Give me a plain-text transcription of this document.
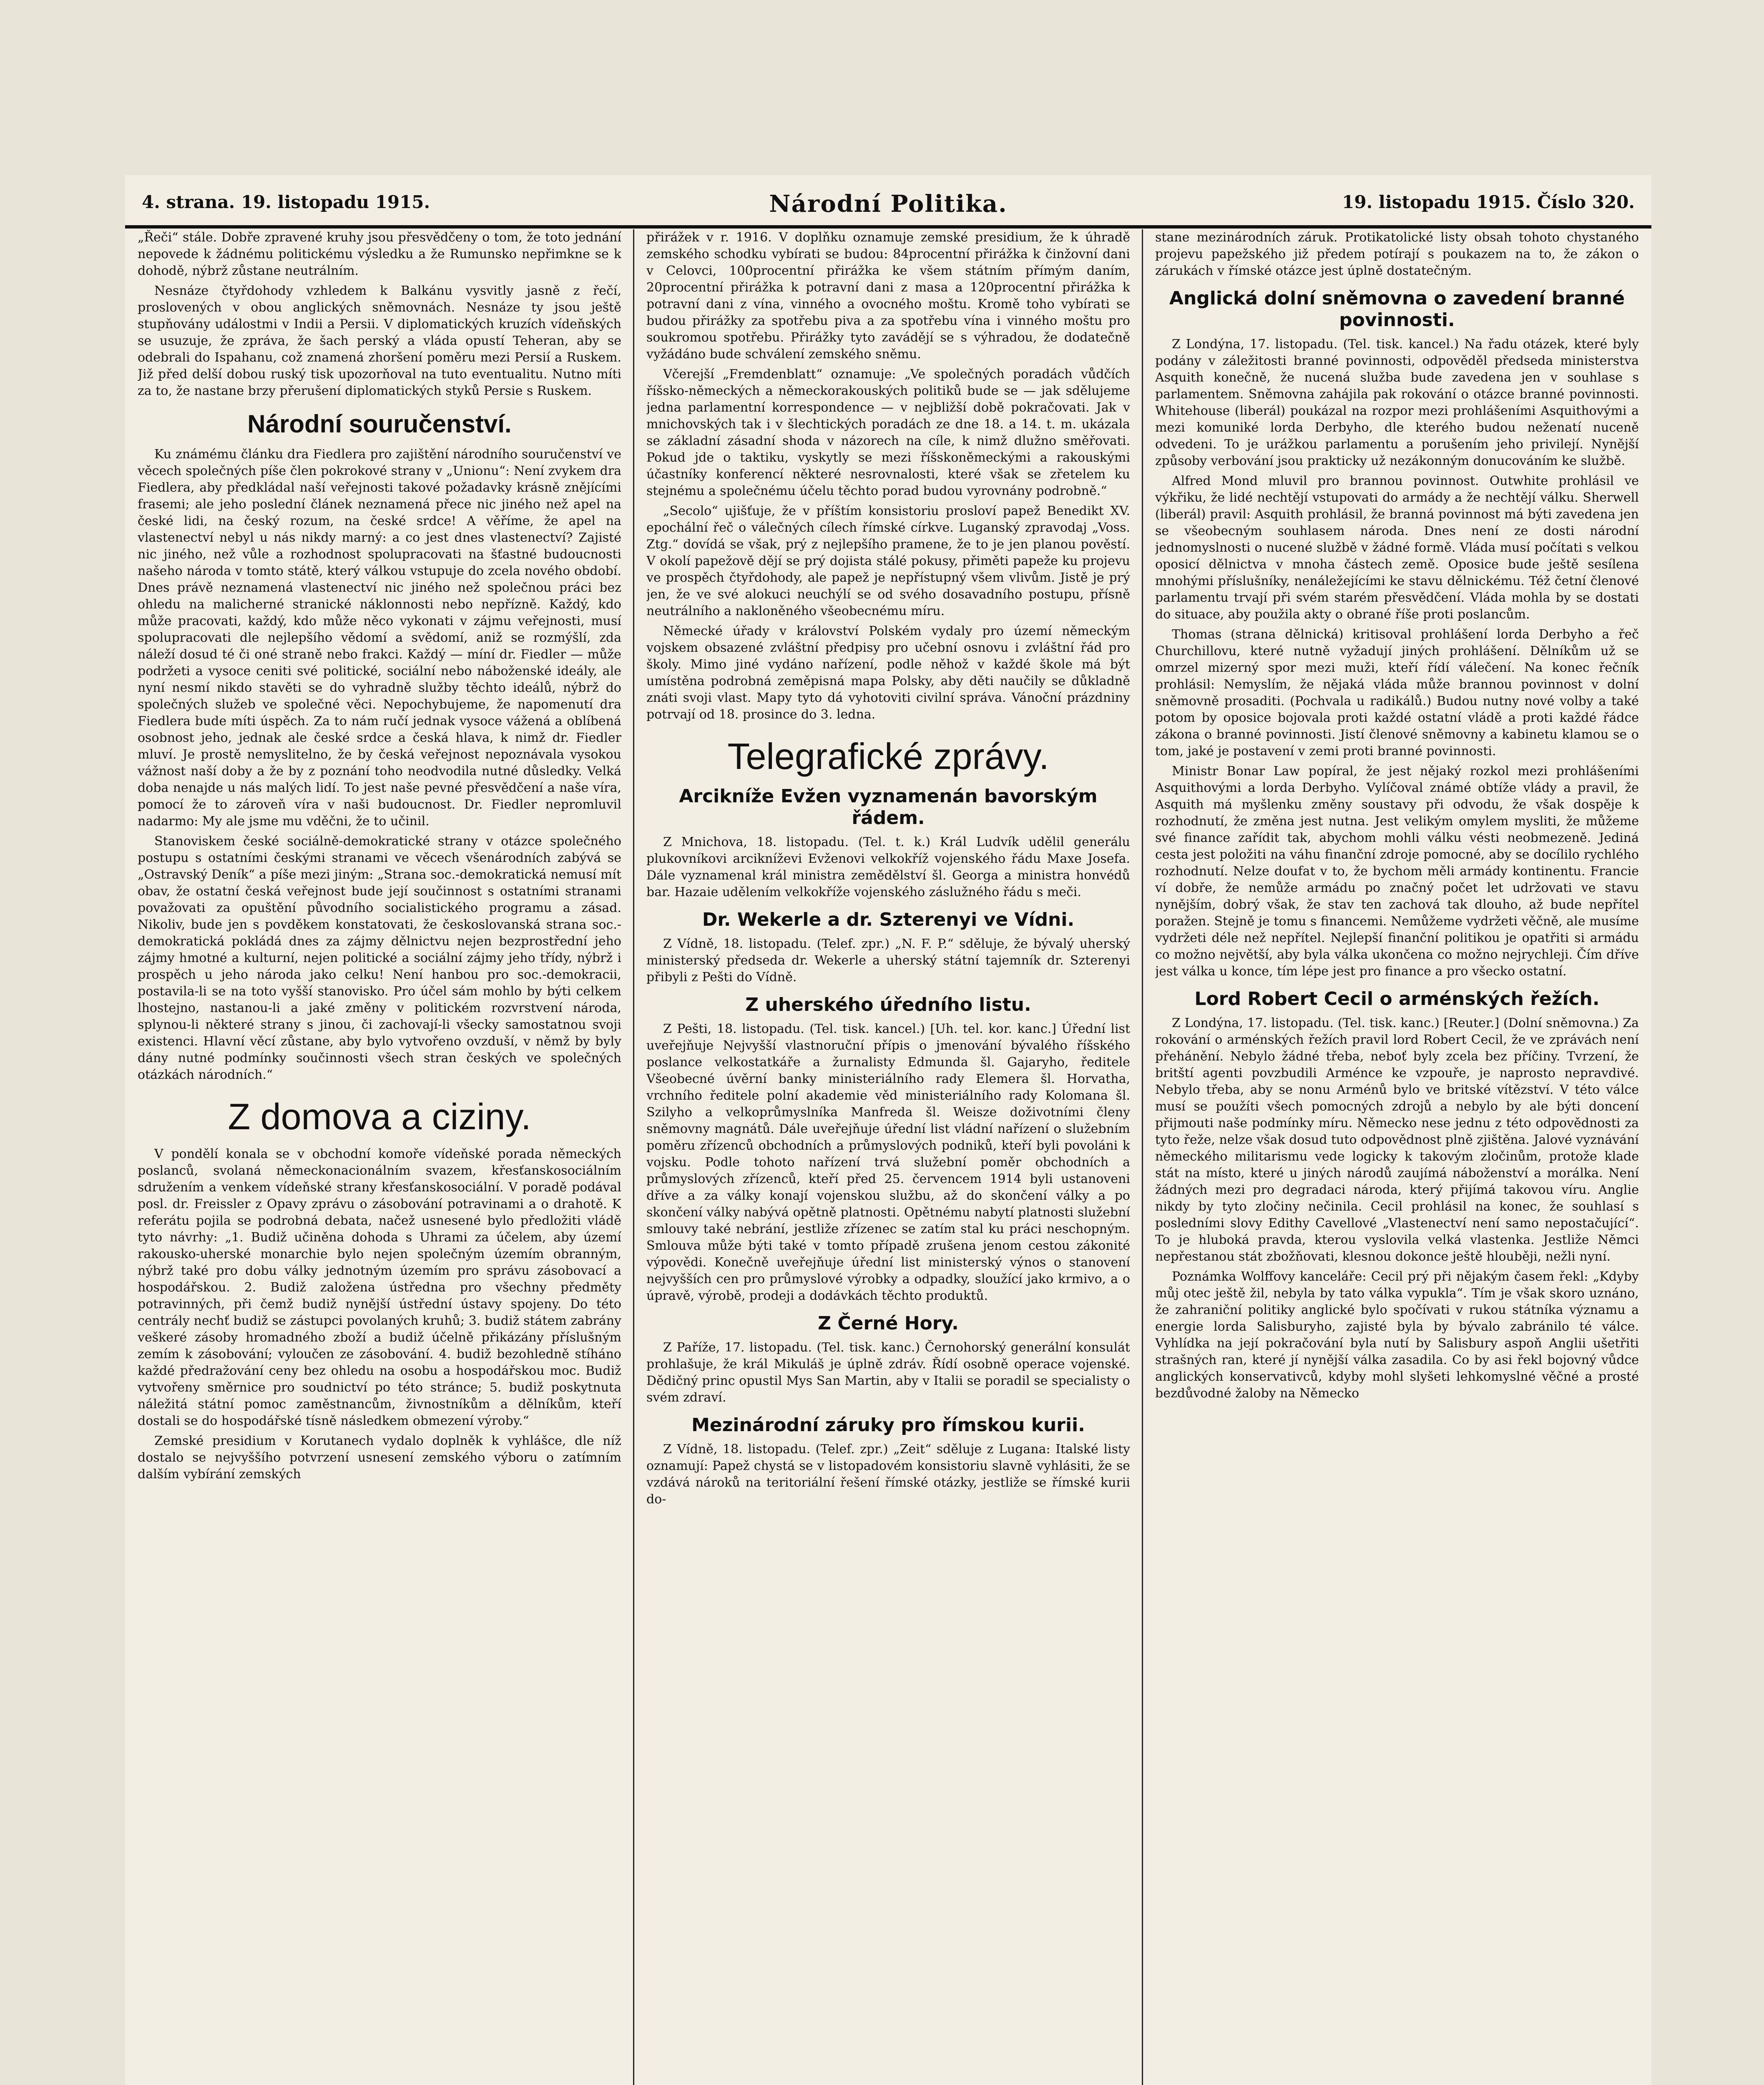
4. strana. 19. listopadu 1915.	Národní Politika.	19. listopadu 1915. Číslo 320.

„Řeči“ stále. Dobře zpravené kruhy jsou přesvědčeny o tom, že toto jednání nepovede k žádnému politickému výsledku a že Rumunsko nepřimkne se k dohodě, nýbrž zůstane neutrálním.

Nesnáze čtyřdohody vzhledem k Balkánu vysvitly jasně z řečí, proslovených v obou anglických sněmovnách. Nesnáze ty jsou ještě stupňovány událostmi v Indii a Persii. V diplomatických kruzích vídeňských se usuzuje, že zpráva, že šach perský a vláda opustí Teheran, aby se odebrali do Ispahanu, což znamená zhoršení poměru mezi Persií a Ruskem. Již před delší dobou ruský tisk upozorňoval na tuto eventualitu. Nutno míti za to, že nastane brzy přerušení diplomatických styků Persie s Ruskem.

Národní souručenství.

Ku známému článku dra Fiedlera pro zajištění národního souručenství ve věcech společných píše člen pokrokové strany v „Unionu“: Není zvykem dra Fiedlera, aby předkládal naší veřejnosti takové požadavky krásně znějícími frasemi; ale jeho poslední článek neznamená přece nic jiného než apel na české lidi, na český rozum, na české srdce! A věříme, že apel na vlastenectví nebyl u nás nikdy marný: a co jest dnes vlastenectví? Zajisté nic jiného, než vůle a rozhodnost spolupracovati na šťastné budoucnosti našeho národa v tomto státě, který válkou vstupuje do zcela nového období. Dnes právě neznamená vlastenectví nic jiného než společnou práci bez ohledu na malicherné stranické náklonnosti nebo nepřízně. Každý, kdo může pracovati, každý, kdo může něco vykonati v zájmu veřejnosti, musí spolupracovati dle nejlepšího vědomí a svědomí, aniž se rozmýšlí, zda náleží dosud té či oné straně nebo frakci. Každý — míní dr. Fiedler — může podržeti a vysoce ceniti své politické, sociální nebo náboženské ideály, ale nyní nesmí nikdo stavěti se do vyhradně služby těchto ideálů, nýbrž do společných služeb ve společné věci. Nepochybujeme, že napomenutí dra Fiedlera bude míti úspěch. Za to nám ručí jednak vysoce vážená a oblíbená osobnost jeho, jednak ale české srdce a česká hlava, k nimž dr. Fiedler mluví. Je prostě nemyslitelno, že by česká veřejnost nepoznávala vysokou vážnost naší doby a že by z poznání toho neodvodila nutné důsledky. Velká doba nenajde u nás malých lidí. To jest naše pevné přesvědčení a naše víra, pomocí že to zároveň víra v naši budoucnost. Dr. Fiedler nepromluvil nadarmo: My ale jsme mu vděčni, že to učinil.

Stanoviskem české sociálně-demokratické strany v otázce společného postupu s ostatními českými stranami ve věcech všenárodních zabývá se „Ostravský Deník“ a píše mezi jiným: „Strana soc.-demokratická nemusí mít obav, že ostatní česká veřejnost bude její součinnost s ostatními stranami považovati za opuštění původního socialistického programu a zásad. Nikoliv, bude jen s povděkem konstatovati, že českoslovanská strana soc.-demokratická pokládá dnes za zájmy dělnictvu nejen bezprostřední jeho zájmy hmotné a kulturní, nejen politické a sociální zájmy jeho třídy, nýbrž i prospěch u jeho národa jako celku! Není hanbou pro soc.-demokracii, postavila-li se na toto vyšší stanovisko. Pro účel sám mohlo by býti celkem lhostejno, nastanou-li a jaké změny v politickém rozvrstvení národa, splynou-li některé strany s jinou, či zachovají-li všecky samostatnou svoji existenci. Hlavní věcí zůstane, aby bylo vytvořeno ovzduší, v němž by byly dány nutné podmínky součinnosti všech stran českých ve společných otázkách národních.“

Z domova a ciziny.

V pondělí konala se v obchodní komoře vídeňské porada německých poslanců, svolaná německonacionálním svazem, křesťanskosociálním sdružením a venkem vídeňské strany křesťanskosociální. V poradě podával posl. dr. Freissler z Opavy zprávu o zásobování potravinami a o drahotě. K referátu pojila se podrobná debata, načež usnesené bylo předložiti vládě tyto návrhy: „1. Budiž učiněna dohoda s Uhrami za účelem, aby území rakousko-uherské monarchie bylo nejen společným územím obranným, nýbrž také pro dobu války jednotným územím pro správu zásobovací a hospodářskou. 2. Budiž založena ústředna pro všechny předměty potravinných, při čemž budiž nynější ústřední ústavy spojeny. Do této centrály nechť budiž se zástupci povolaných kruhů; 3. budiž státem zabrány veškeré zásoby hromadného zboží a budiž účelně přikázány příslušným zemím k zásobování; vyloučen ze zásobování. 4. budiž bezohledně stíháno každé předražování ceny bez ohledu na osobu a hospodářskou moc. Budiž vytvořeny směrnice pro soudnictví po této stránce; 5. budiž poskytnuta náležitá státní pomoc zaměstnancům, živnostníkům a dělníkům, kteří dostali se do hospodářské tísně následkem obmezení výroby.“

Zemské presidium v Korutanech vydalo doplněk k vyhlášce, dle níž dostalo se nejvyššího potvrzení usnesení zemského výboru o zatímním dalším vybírání zemských

přirážek v r. 1916. V doplňku oznamuje zemské presidium, že k úhradě zemského schodku vybírati se budou: 84procentní přirážka k činžovní dani v Celovci, 100procentní přirážka ke všem státním přímým daním, 20procentní přirážka k potravní dani z masa a 120procentní přirážka k potravní dani z vína, vinného a ovocného moštu. Kromě toho vybírati se budou přirážky za spotřebu piva a za spotřebu vína i vinného moštu pro soukromou spotřebu. Přirážky tyto zavádějí se s výhradou, že dodatečně vyžádáno bude schválení zemského sněmu.

Včerejší „Fremdenblatt“ oznamuje: „Ve společných poradách vůdčích říšsko-německých a německorakouských politiků bude se — jak sdělujeme jedna parlamentní korrespondence — v nejbližší době pokračovati. Jak v mnichovských tak i v šlechtických poradách ze dne 18. a 14. t. m. ukázala se základní zásadní shoda v názorech na cíle, k nimž dlužno směřovati. Pokud jde o taktiku, vyskytly se mezi říšskoněmeckými a rakouskými účastníky konferencí některé nesrovnalosti, které však se zřetelem ku stejnému a společnému účelu těchto porad budou vyrovnány podrobně.“

„Secolo“ ujišťuje, že v příštím konsistoriu prosloví papež Benedikt XV. epochální řeč o válečných cílech římské církve. Luganský zpravodaj „Voss. Ztg.“ dovídá se však, prý z nejlepšího pramene, že to je jen planou pověstí. V okolí papežově dějí se prý dojista stálé pokusy, přiměti papeže ku projevu ve prospěch čtyřdohody, ale papež je nepřístupný všem vlivům. Jistě je prý jen, že ve své alokuci neuchýlí se od svého dosavadního postupu, přísně neutrálního a nakloněného všeobecnému míru.

Německé úřady v království Polském vydaly pro území německým vojskem obsazené zvláštní předpisy pro učební osnovu i zvláštní řád pro školy. Mimo jiné vydáno nařízení, podle něhož v každé škole má být umístěna podrobná zeměpisná mapa Polsky, aby děti naučily se důkladně znáti svoji vlast. Mapy tyto dá vyhotoviti civilní správa. Vánoční prázdniny potrvají od 18. prosince do 3. ledna.

Telegrafické zprávy.
Arcikníže Evžen vyznamenán bavorským řádem.

Z Mnichova, 18. listopadu. (Tel. t. k.) Král Ludvík udělil generálu plukovníkovi arcikníževi Evženovi velkokříž vojenského řádu Maxe Josefa. Dále vyznamenal král ministra zemědělství šl. Georga a ministra honvédů bar. Hazaie udělením velkokříže vojenského záslužného řádu s meči.

Dr. Wekerle a dr. Szterenyi ve Vídni.

Z Vídně, 18. listopadu. (Telef. zpr.) „N. F. P.“ sděluje, že bývalý uherský ministerský předseda dr. Wekerle a uherský státní tajemník dr. Szterenyi přibyli z Pešti do Vídně.

Z uherského úředního listu.

Z Pešti, 18. listopadu. (Tel. tisk. kancel.) [Uh. tel. kor. kanc.] Úřední list uveřejňuje Nejvyšší vlastnoruční přípis o jmenování bývalého říšského poslance velkostatkáře a žurnalisty Edmunda šl. Gajaryho, ředitele Všeobecné úvěrní banky ministeriálního rady Elemera šl. Horvatha, vrchního ředitele polní akademie věd ministeriálního rady Kolomana šl. Szilyho a velkoprůmyslníka Manfreda šl. Weisze doživotními členy sněmovny magnátů. Dále uveřejňuje úřední list vládní nařízení o služebním poměru zřízenců obchodních a průmyslových podniků, kteří byli povoláni k vojsku. Podle tohoto nařízení trvá služební poměr obchodních a průmyslových zřízenců, kteří před 25. červencem 1914 byli ustanoveni dříve a za války konají vojenskou službu, až do skončení války a po skončení války nabývá opětně platnosti. Opětnému nabytí platnosti služební smlouvy také nebrání, jestliže zřízenec se zatím stal ku práci neschopným. Smlouva může býti také v tomto případě zrušena jenom cestou zákonité výpovědi. Konečně uveřejňuje úřední list ministerský výnos o stanovení nejvyšších cen pro průmyslové výrobky a odpadky, sloužící jako krmivo, a o úpravě, výrobě, prodeji a dodávkách těchto produktů.

Z Černé Hory.

Z Paříže, 17. listopadu. (Tel. tisk. kanc.) Černohorský generální konsulát prohlašuje, že král Mikuláš je úplně zdráv. Řídí osobně operace vojenské. Dědičný princ opustil Mys San Martin, aby v Italii se poradil se specialisty o svém zdraví.

Mezinárodní záruky pro římskou kurii.

Z Vídně, 18. listopadu. (Telef. zpr.) „Zeit“ sděluje z Lugana: Italské listy oznamují: Papež chystá se v listopadovém konsistoriu slavně vyhlásiti, že se vzdává nároků na teritoriální řešení římské otázky, jestliže se římské kurii do-

stane mezinárodních záruk. Protikatolické listy obsah tohoto chystaného projevu papežského již předem potírají s poukazem na to, že zákon o zárukách v římské otázce jest úplně dostatečným.

Anglická dolní sněmovna o zavedení branné povinnosti.

Z Londýna, 17. listopadu. (Tel. tisk. kancel.) Na řadu otázek, které byly podány v záležitosti branné povinnosti, odpověděl předseda ministerstva Asquith konečně, že nucená služba bude zavedena jen v souhlase s parlamentem. Sněmovna zahájila pak rokování o otázce branné povinnosti. Whitehouse (liberál) poukázal na rozpor mezi prohlášeními Asquithovými a mezi komuniké lorda Derbyho, dle kterého budou neženatí nuceně odvedeni. To je urážkou parlamentu a porušením jeho privilejí. Nynější způsoby verbování jsou prakticky už nezákonným donucováním ke službě.

Alfred Mond mluvil pro brannou povinnost. Outwhite prohlásil ve výkřiku, že lidé nechtějí vstupovati do armády a že nechtějí válku. Sherwell (liberál) pravil: Asquith prohlásil, že branná povinnost má býti zavedena jen se všeobecným souhlasem národa. Dnes není ze dosti národní jednomyslnosti o nucené službě v žádné formě. Vláda musí počítati s velkou oposicí dělnictva v mnoha částech země. Oposice bude ještě sesílena mnohými příslušníky, nenáležejícími ke stavu dělnickému. Též četní členové parlamentu trvají při svém starém přesvědčení. Vláda mohla by se dostati do situace, aby použila akty o obrané říše proti poslancům.

Thomas (strana dělnická) kritisoval prohlášení lorda Derbyho a řeč Churchillovu, které nutně vyžadují jiných prohlášení. Dělníkům už se omrzel mizerný spor mezi muži, kteří řídí válečení. Na konec řečník prohlásil: Nemyslím, že nějaká vláda může brannou povinnost v dolní sněmovně prosaditi. (Pochvala u radikálů.) Budou nutny nové volby a také potom by oposice bojovala proti každé ostatní vládě a proti každé řádce zákona o branné povinnosti. Jistí členové sněmovny a kabinetu klamou se o tom, jaké je postavení v zemi proti branné povinnosti.

Ministr Bonar Law popíral, že jest nějaký rozkol mezi prohlášeními Asquithovými a lorda Derbyho. Vylíčoval známé obtíže vlády a pravil, že Asquith má myšlenku změny soustavy při odvodu, že však dospěje k rozhodnutí, že změna jest nutna. Jest velikým omylem mysliti, že můžeme své finance zařídit tak, abychom mohli válku vésti neobmezeně. Jediná cesta jest položiti na váhu finanční zdroje pomocné, aby se docílilo rychlého rozhodnutí. Nelze doufat v to, že bychom měli armády kontinentu. Francie ví dobře, že nemůže armádu po značný počet let udržovati ve stavu nynějším, dobrý však, že stav ten zachová tak dlouho, až bude nepřítel poražen. Stejně je tomu s financemi. Nemůžeme vydržeti věčně, ale musíme vydržeti déle než nepřítel. Nejlepší finanční politikou je opatřiti si armádu co možno největší, aby byla válka ukončena co možno nejrychleji. Čím dříve jest válka u konce, tím lépe jest pro finance a pro všecko ostatní.

Lord Robert Cecil o arménských řežích.

Z Londýna, 17. listopadu. (Tel. tisk. kanc.) [Reuter.] (Dolní sněmovna.) Za rokování o arménských řežích pravil lord Robert Cecil, že ve zprávách není přehánění. Nebylo žádné třeba, neboť byly zcela bez příčiny. Tvrzení, že britští agenti povzbudili Arménce ke vzpouře, je naprosto nepravdivé. Nebylo třeba, aby se nonu Arménů bylo ve britské vítězství. V této válce musí se použíti všech pomocných zdrojů a nebylo by ale býti doncení přijmouti naše podmínky míru. Německo nese jednu z této odpovědnosti za tyto řeže, nelze však dosud tuto odpovědnost plně zjištěna. Jalové vyznávání německého militarismu vede logicky k takovým zločinům, protože klade stát na místo, které u jiných národů zaujímá náboženství a morálka. Není žádných mezi pro degradaci národa, který přijímá takovou víru. Anglie nikdy by tyto zločiny nečinila. Cecil prohlásil na konec, že souhlasí s posledními slovy Edithy Cavellové „Vlastenectví není samo nepostačující“. To je hluboká pravda, kterou vyslovila velká vlastenka. Jestliže Němci nepřestanou stát zbožňovati, klesnou dokonce ještě hlouběji, nežli nyní.

Poznámka Wolffovy kanceláře: Cecil prý při nějakým časem řekl: „Kdyby můj otec ještě žil, nebyla by tato válka vypukla“. Tím je však skoro uznáno, že zahraniční politiky anglické bylo spočívati v rukou státníka významu a energie lorda Salisburyho, zajisté byla by bývalo zabránilo té válce. Vyhlídka na její pokračování byla nutí by Salisbury aspoň Anglii ušetřiti strašných ran, které jí nynější válka zasadila. Co by asi řekl bojovný vůdce anglických konservativců, kdyby mohl slyšeti lehkomyslné věčné a prosté bezdůvodné žaloby na Německo
